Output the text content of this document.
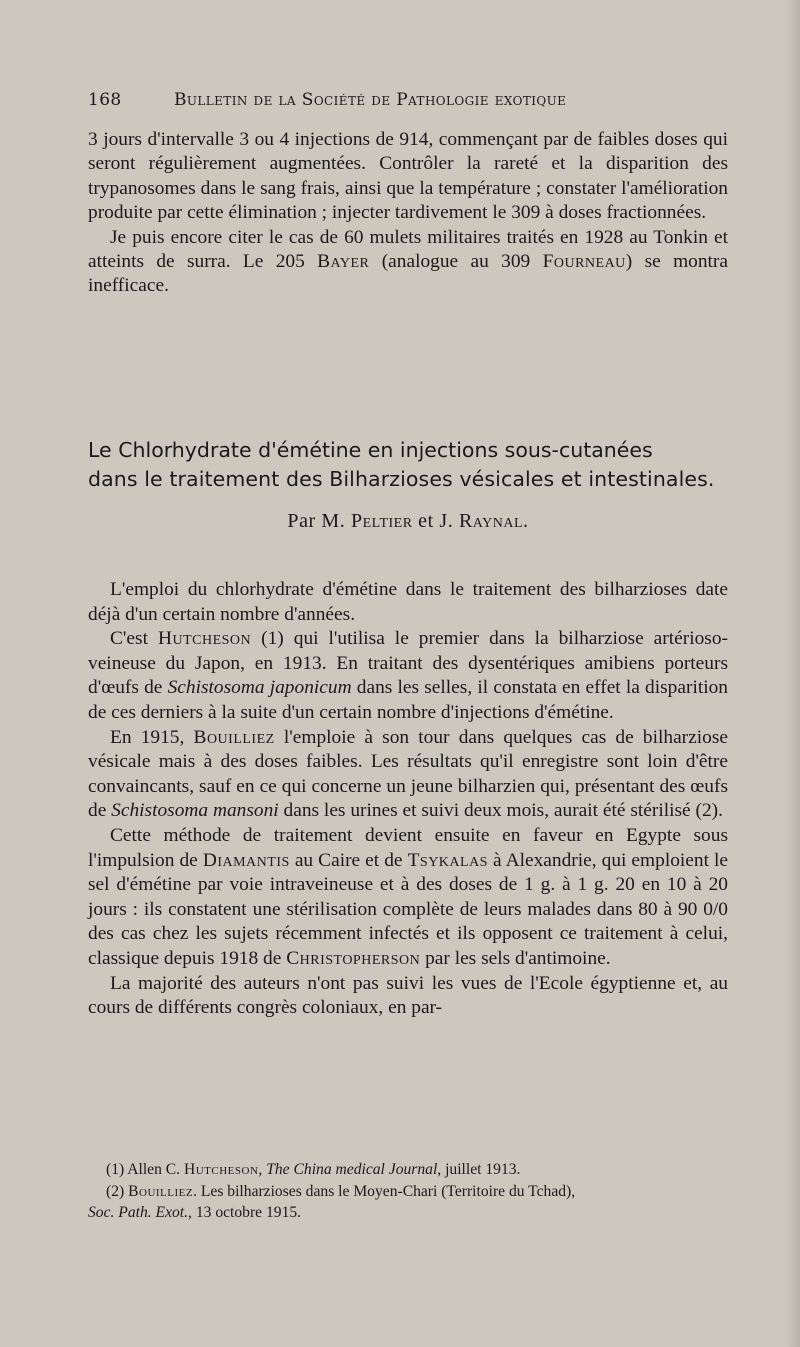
168	Bulletin de la Société de Pathologie exotique

3 jours d'intervalle 3 ou 4 injections de 914, commençant par de faibles doses qui seront régulièrement augmentées. Contrôler la rareté et la disparition des trypanosomes dans le sang frais, ainsi que la température ; constater l'amélioration produite par cette élimination ; injecter tardivement le 309 à doses fractionnées.

Je puis encore citer le cas de 60 mulets militaires traités en 1928 au Tonkin et atteints de surra. Le 205 Bayer (analogue au 309 Fourneau) se montra inefficace.

Le Chlorhydrate d'émétine en injections sous-cutanées
dans le traitement des Bilharzioses vésicales et intestinales.
Par M. Peltier et J. Raynal.

L'emploi du chlorhydrate d'émétine dans le traitement des bilharzioses date déjà d'un certain nombre d'années.

C'est Hutcheson (1) qui l'utilisa le premier dans la bilharziose artérioso-veineuse du Japon, en 1913. En traitant des dysentériques amibiens porteurs d'œufs de Schistosoma japonicum dans les selles, il constata en effet la disparition de ces derniers à la suite d'un certain nombre d'injections d'émétine.

En 1915, Bouilliez l'emploie à son tour dans quelques cas de bilharziose vésicale mais à des doses faibles. Les résultats qu'il enregistre sont loin d'être convaincants, sauf en ce qui concerne un jeune bilharzien qui, présentant des œufs de Schistosoma mansoni dans les urines et suivi deux mois, aurait été stérilisé (2).

Cette méthode de traitement devient ensuite en faveur en Egypte sous l'impulsion de Diamantis au Caire et de Tsykalas à Alexandrie, qui emploient le sel d'émétine par voie intraveineuse et à des doses de 1 g. à 1 g. 20 en 10 à 20 jours : ils constatent une stérilisation complète de leurs malades dans 80 à 90 0/0 des cas chez les sujets récemment infectés et ils opposent ce traitement à celui, classique depuis 1918 de Christopherson par les sels d'antimoine.

La majorité des auteurs n'ont pas suivi les vues de l'Ecole égyptienne et, au cours de différents congrès coloniaux, en par-

(1) Allen C. Hutcheson, The China medical Journal, juillet 1913.

(2) Bouilliez. Les bilharzioses dans le Moyen-Chari (Territoire du Tchad),

Soc. Path. Exot., 13 octobre 1915.
